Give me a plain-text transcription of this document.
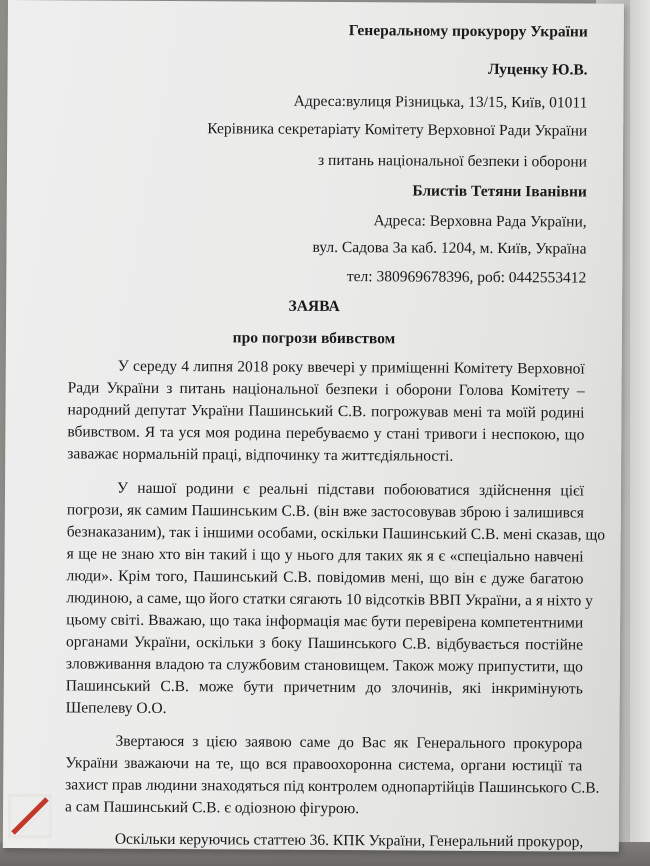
Генеральному прокурору України
Луценку Ю.В.
Адреса:вулиця Різницька, 13/15, Київ, 01011
Керівника секретаріату Комітету Верховної Ради України
з питань національної безпеки і оборони
Блистів Тетяни Іванівни
Адреса: Верховна Рада України,
вул. Садова 3а каб. 1204, м. Київ, Україна
тел: 380969678396, роб: 0442553412
ЗАЯВА
про погрози вбивством
У середу 4 липня 2018 року ввечері у приміщенні Комітету Верховної
Ради України з питань національної безпеки і оборони Голова Комітету –
народний депутат України Пашинський С.В. погрожував мені та моїй родині
вбивством. Я та уся моя родина перебуваємо у стані тривоги і неспокою, що
заважає нормальній праці, відпочинку та життєдіяльності.
У нашої родини є реальні підстави побоюватися здійснення цієї
погрози, як самим Пашинським С.В. (він вже застосовував зброю і залишився
безнаказаним), так і іншими особами, оскільки Пашинський С.В. мені сказав, що
я ще не знаю хто він такий і що у нього для таких як я є «спеціально навчені
люди». Крім того, Пашинський С.В. повідомив мені, що він є дуже багатою
людиною, а саме, що його статки сягають 10 відсотків ВВП України, а я ніхто у
цьому світі. Вважаю, що така інформація має бути перевірена компетентними
органами України, оскільки з боку Пашинського С.В. відбувається постійне
зловживання владою та службовим становищем. Також можу припустити, що
Пашинський С.В. може бути причетним до злочинів, які інкримінують
Шепелеву О.О.
Звертаюся з цією заявою саме до Вас як Генерального прокурора
України зважаючи на те, що вся правоохоронна система, органи юстиції та
захист прав людини знаходяться під контролем однопартійців Пашинського С.В.
а сам Пашинський С.В. є одіозною фігурою.
Оскільки керуючись статтею 36. КПК України, Генеральний прокурор,
INSIDER
